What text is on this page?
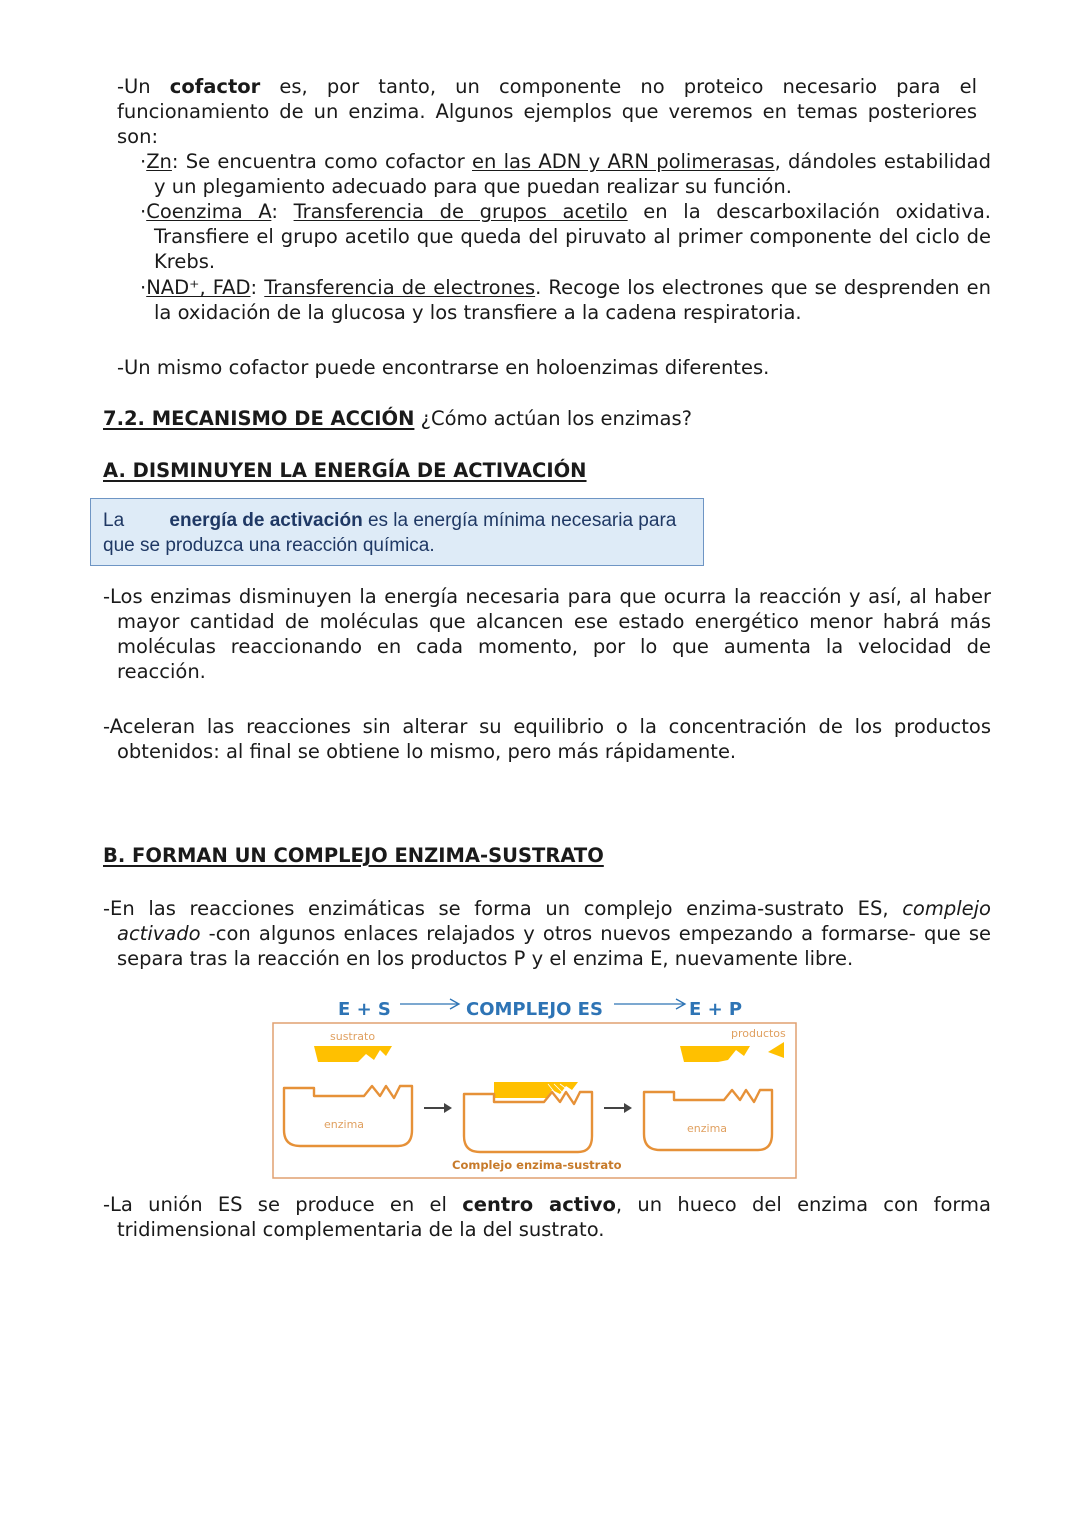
-Un cofactor es, por tanto, un componente no proteico necesario para el funcionamiento de un enzima. Algunos ejemplos que veremos en temas posteriores son:
·Zn: Se encuentra como cofactor en las ADN y ARN polimerasas, dándoles estabilidad y un plegamiento adecuado para que puedan realizar su función.
·Coenzima A: Transferencia de grupos acetilo en la descarboxilación oxidativa. Transfiere el grupo acetilo que queda del piruvato al primer componente del ciclo de Krebs.
·NAD⁺, FAD: Transferencia de electrones. Recoge los electrones que se desprenden en la oxidación de la glucosa y los transfiere a la cadena respiratoria.
-Un mismo cofactor puede encontrarse en holoenzimas diferentes.
7.2. MECANISMO DE ACCIÓN ¿Cómo actúan los enzimas?
A. DISMINUYEN LA ENERGÍA DE ACTIVACIÓN
La energía de activación es la energía mínima necesaria para que se produzca una reacción química.
-Los enzimas disminuyen la energía necesaria para que ocurra la reacción y así, al haber mayor cantidad de moléculas que alcancen ese estado energético menor habrá más moléculas reaccionando en cada momento, por lo que aumenta la velocidad de reacción.
-Aceleran las reacciones sin alterar su equilibrio o la concentración de los productos obtenidos: al final se obtiene lo mismo, pero más rápidamente.
B. FORMAN UN COMPLEJO ENZIMA-SUSTRATO
-En las reacciones enzimáticas se forma un complejo enzima-sustrato ES, complejo activado -con algunos enlaces relajados y otros nuevos empezando a formarse- que se separa tras la reacción en los productos P y el enzima E, nuevamente libre.
E + S	COMPLEJO ES	E + P
sustrato
enzima
Complejo enzima-sustrato
productos
enzima
-La unión ES se produce en el centro activo, un hueco del enzima con forma tridimensional complementaria de la del sustrato.
